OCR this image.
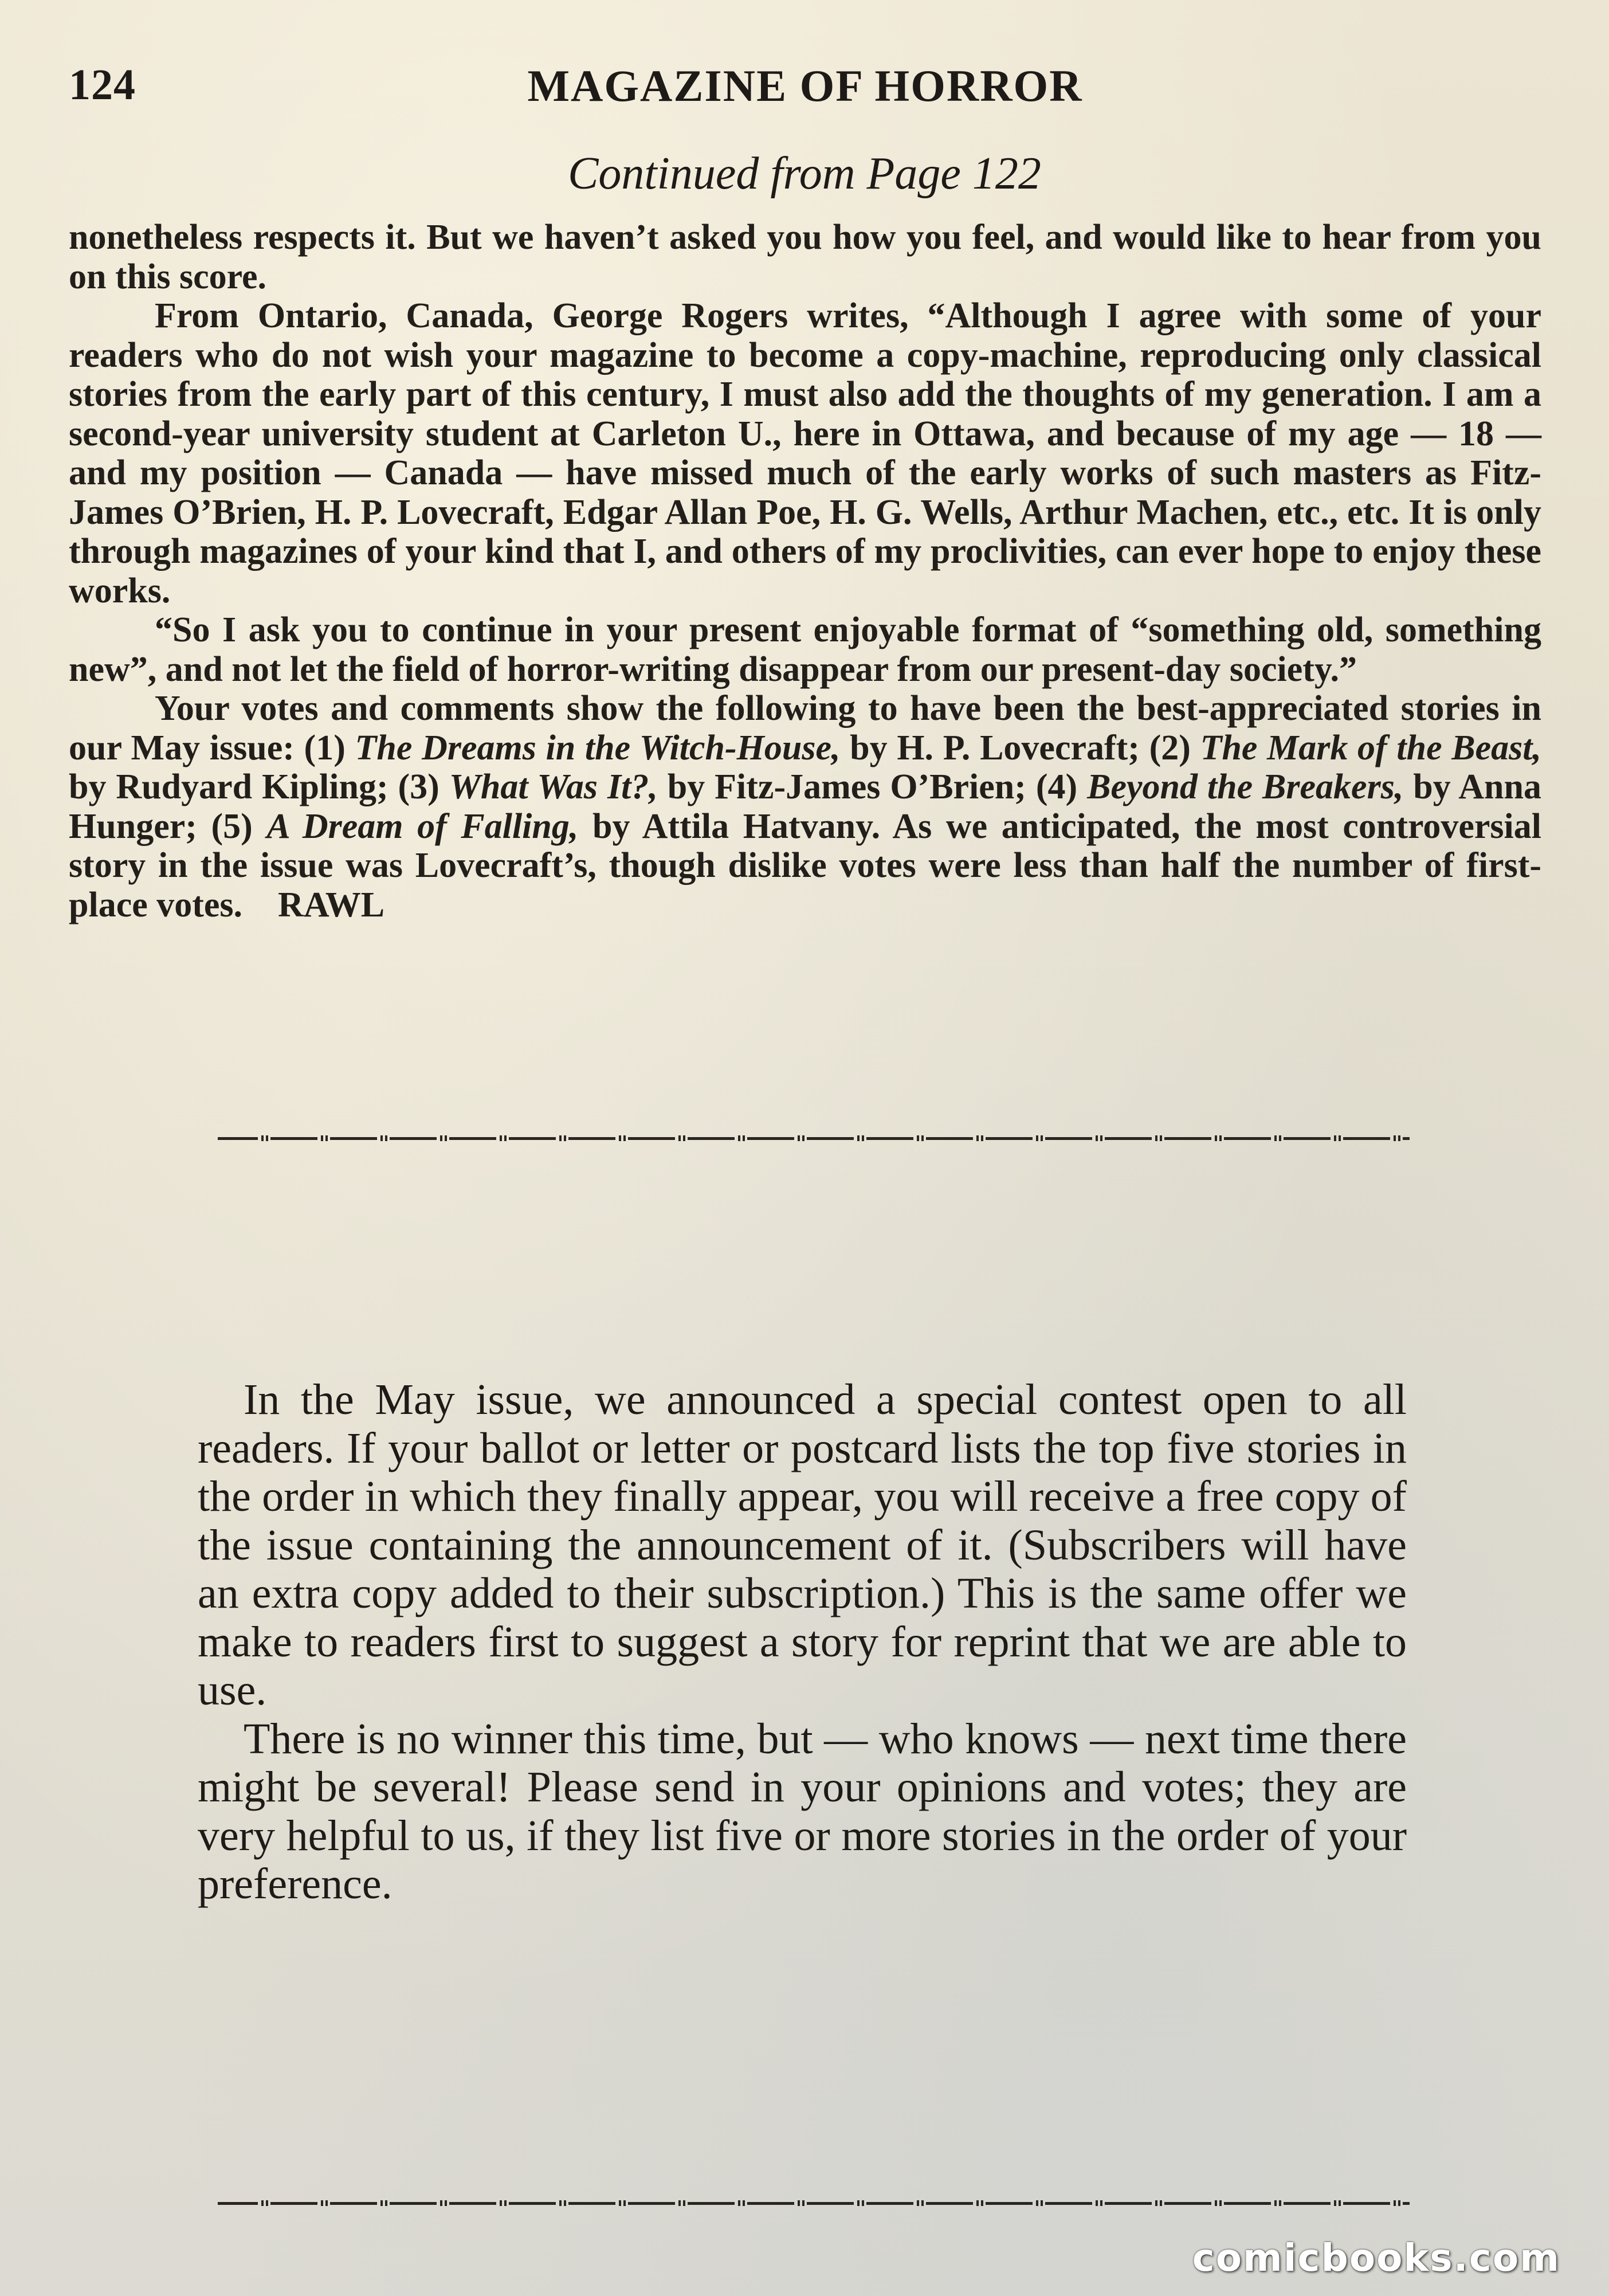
124	MAGAZINE OF HORROR
Continued from Page 122

nonetheless respects it. But we haven’t asked you how you feel, and would like to hear from you on this score.

From Ontario, Canada, George Rogers writes, “Although I agree with some of your readers who do not wish your magazine to become a copy-machine, reproducing only classical stories from the early part of this century, I must also add the thoughts of my generation. I am a second-year university student at Carleton U., here in Ottawa, and because of my age — 18 — and my position — Canada — have missed much of the early works of such masters as Fitz-James O’Brien, H. P. Lovecraft, Edgar Allan Poe, H. G. Wells, Arthur Machen, etc., etc. It is only through magazines of your kind that I, and others of my proclivities, can ever hope to enjoy these works.

“So I ask you to continue in your present enjoyable format of “something old, something new”, and not let the field of horror-writing disappear from our present-day society.”

Your votes and comments show the following to have been the best-appreciated stories in our May issue: (1) The Dreams in the Witch-House, by H. P. Lovecraft; (2) The Mark of the Beast, by Rudyard Kipling; (3) What Was It?, by Fitz-James O’Brien; (4) Beyond the Breakers, by Anna Hunger; (5) A Dream of Falling, by Attila Hatvany. As we anticipated, the most controversial story in the issue was Lovecraft’s, though dislike votes were less than half the number of first-place votes. RAWL

In the May issue, we announced a special contest open to all readers. If your ballot or letter or postcard lists the top five stories in the order in which they finally appear, you will receive a free copy of the issue containing the announcement of it. (Subscribers will have an extra copy added to their subscription.) This is the same offer we make to readers first to suggest a story for reprint that we are able to use.

There is no winner this time, but — who knows — next time there might be several! Please send in your opinions and votes; they are very helpful to us, if they list five or more stories in the order of your preference.

comicbooks.com
